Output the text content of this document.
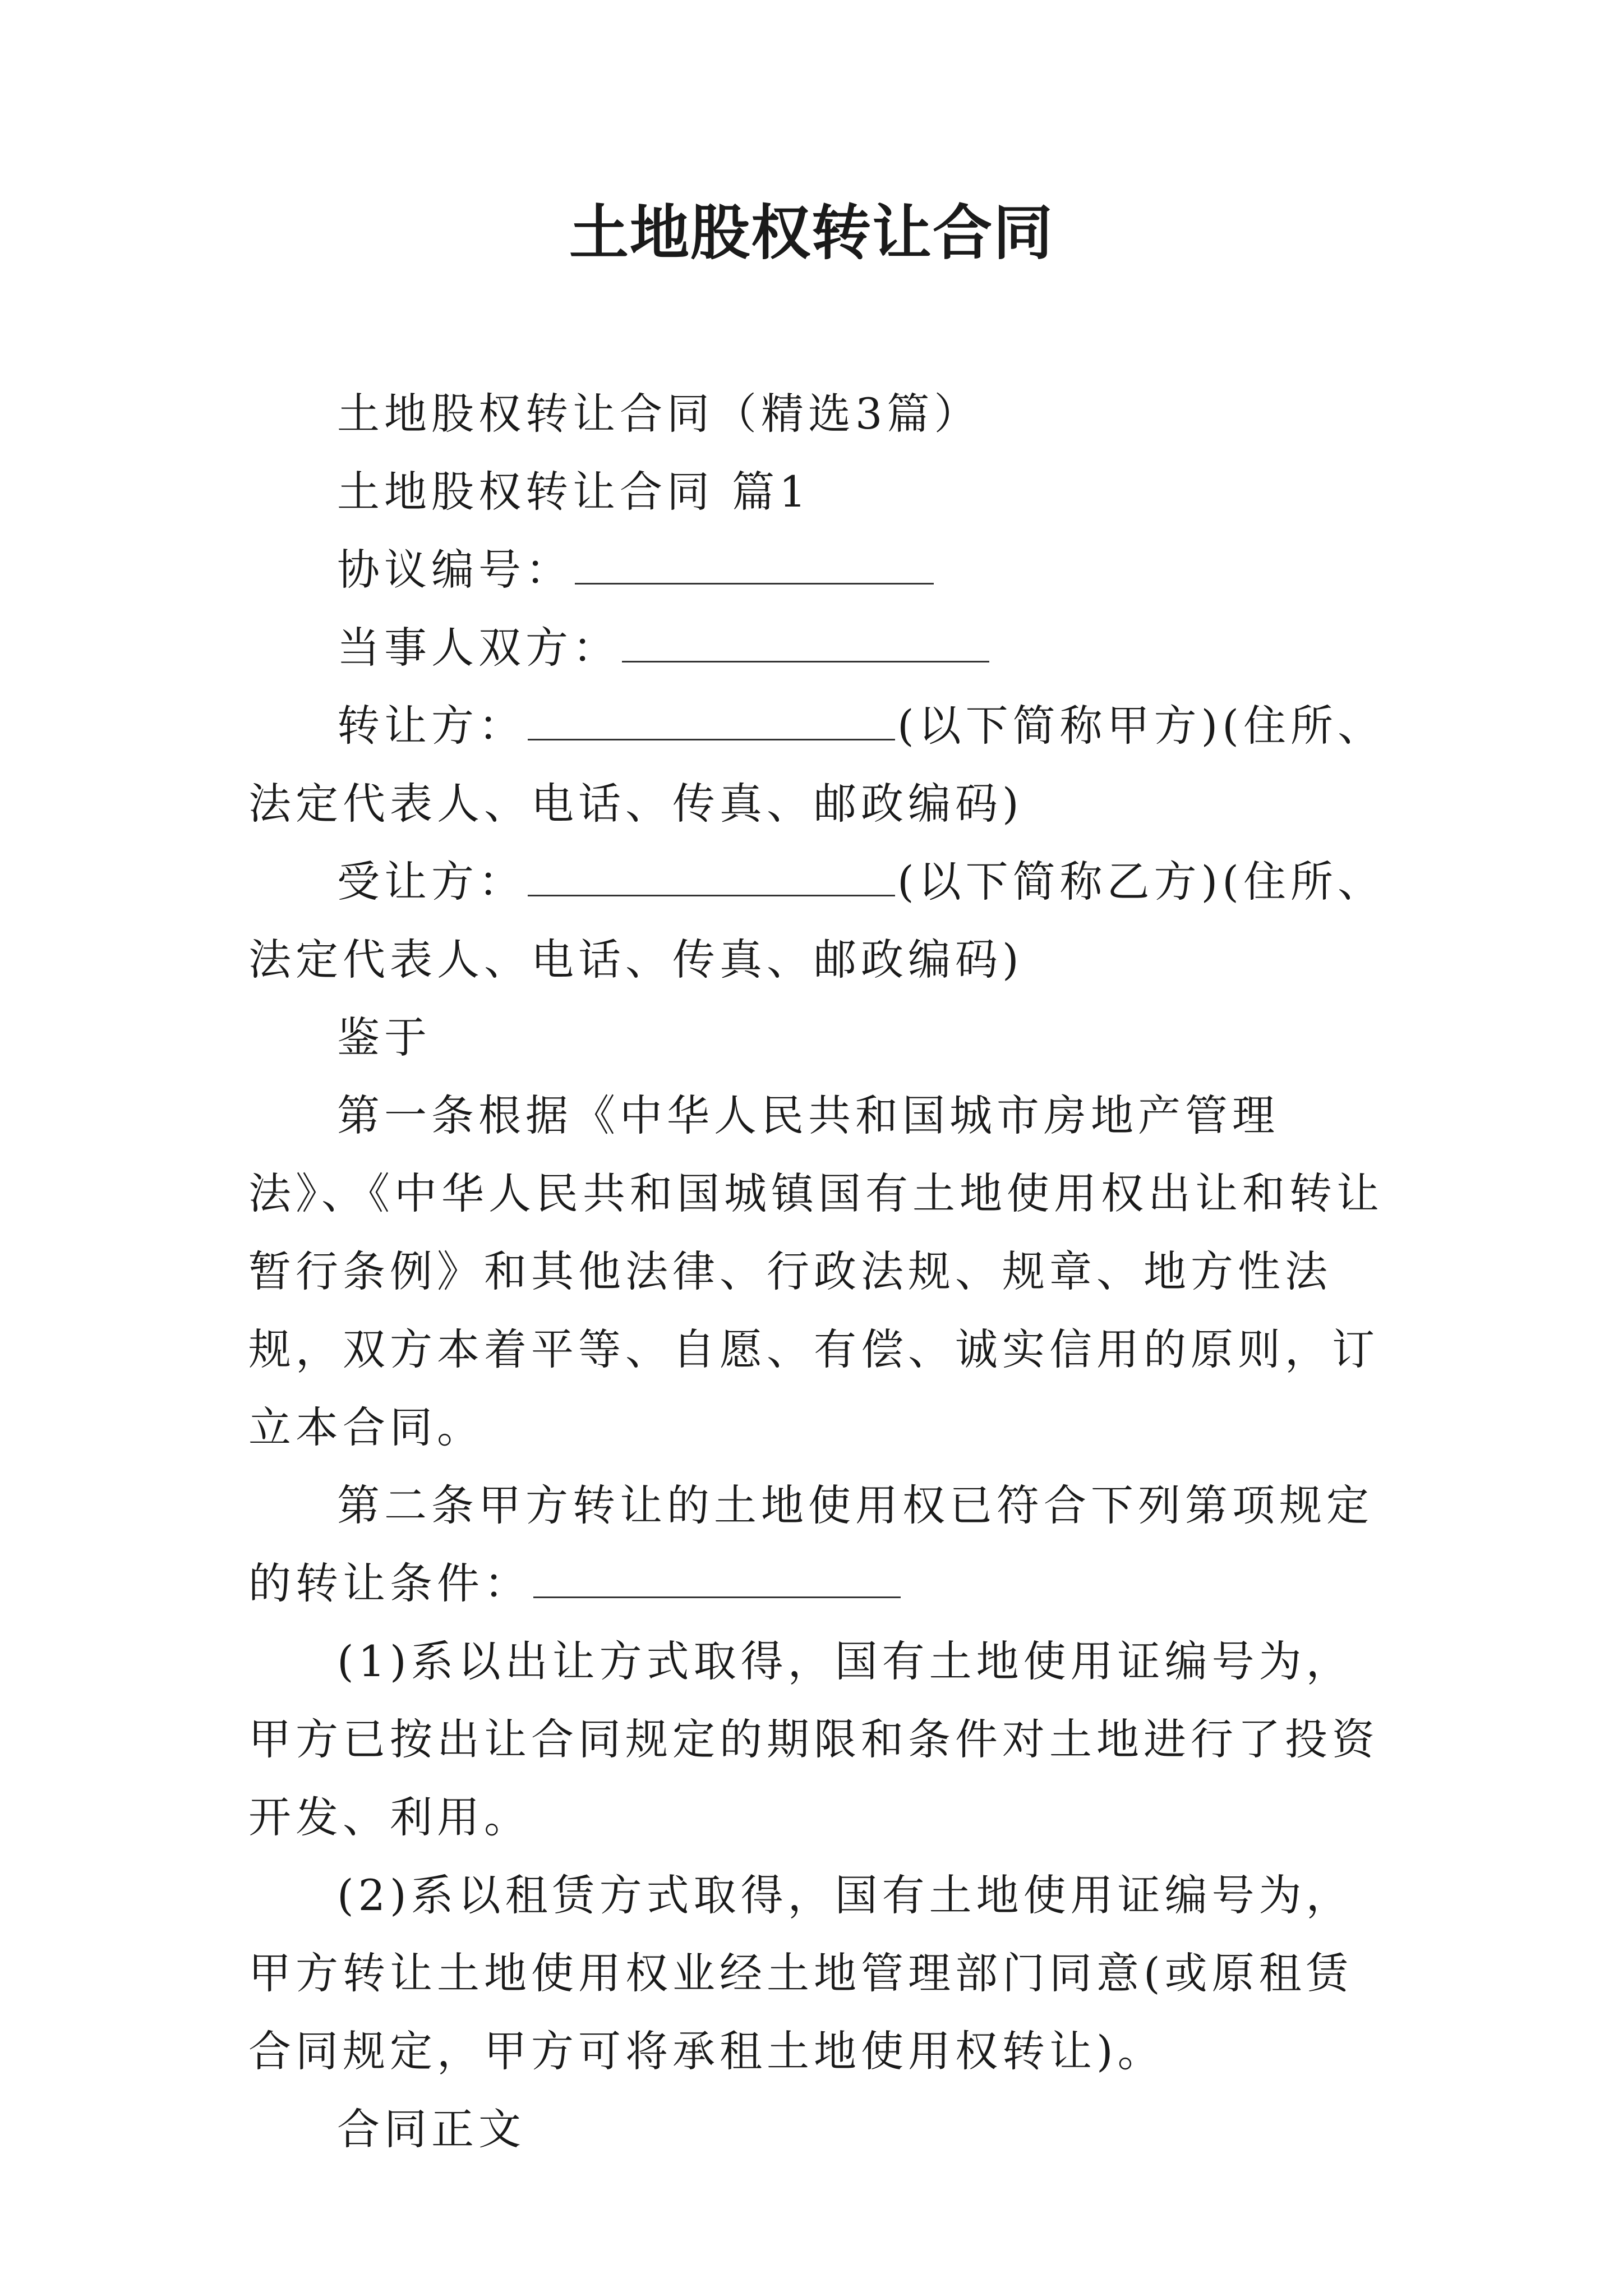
土地股权转让合同

土地股权转让合同（精选3篇）

土地股权转让合同 篇1

协议编号：

当事人双方：

转让方：	(以下简称甲方)(住所、法定代表人、电话、传真、邮政编码)

受让方：	(以下简称乙方)(住所、法定代表人、电话、传真、邮政编码)

鉴于

第一条根据《中华人民共和国城市房地产管理法》、《中华人民共和国城镇国有土地使用权出让和转让暂行条例》和其他法律、行政法规、规章、地方性法规，双方本着平等、自愿、有偿、诚实信用的原则，订立本合同。

第二条甲方转让的土地使用权已符合下列第项规定的转让条件：

(1)系以出让方式取得，国有土地使用证编号为，甲方已按出让合同规定的期限和条件对土地进行了投资开发、利用。

(2)系以租赁方式取得，国有土地使用证编号为，甲方转让土地使用权业经土地管理部门同意(或原租赁合同规定，甲方可将承租土地使用权转让)。

合同正文
